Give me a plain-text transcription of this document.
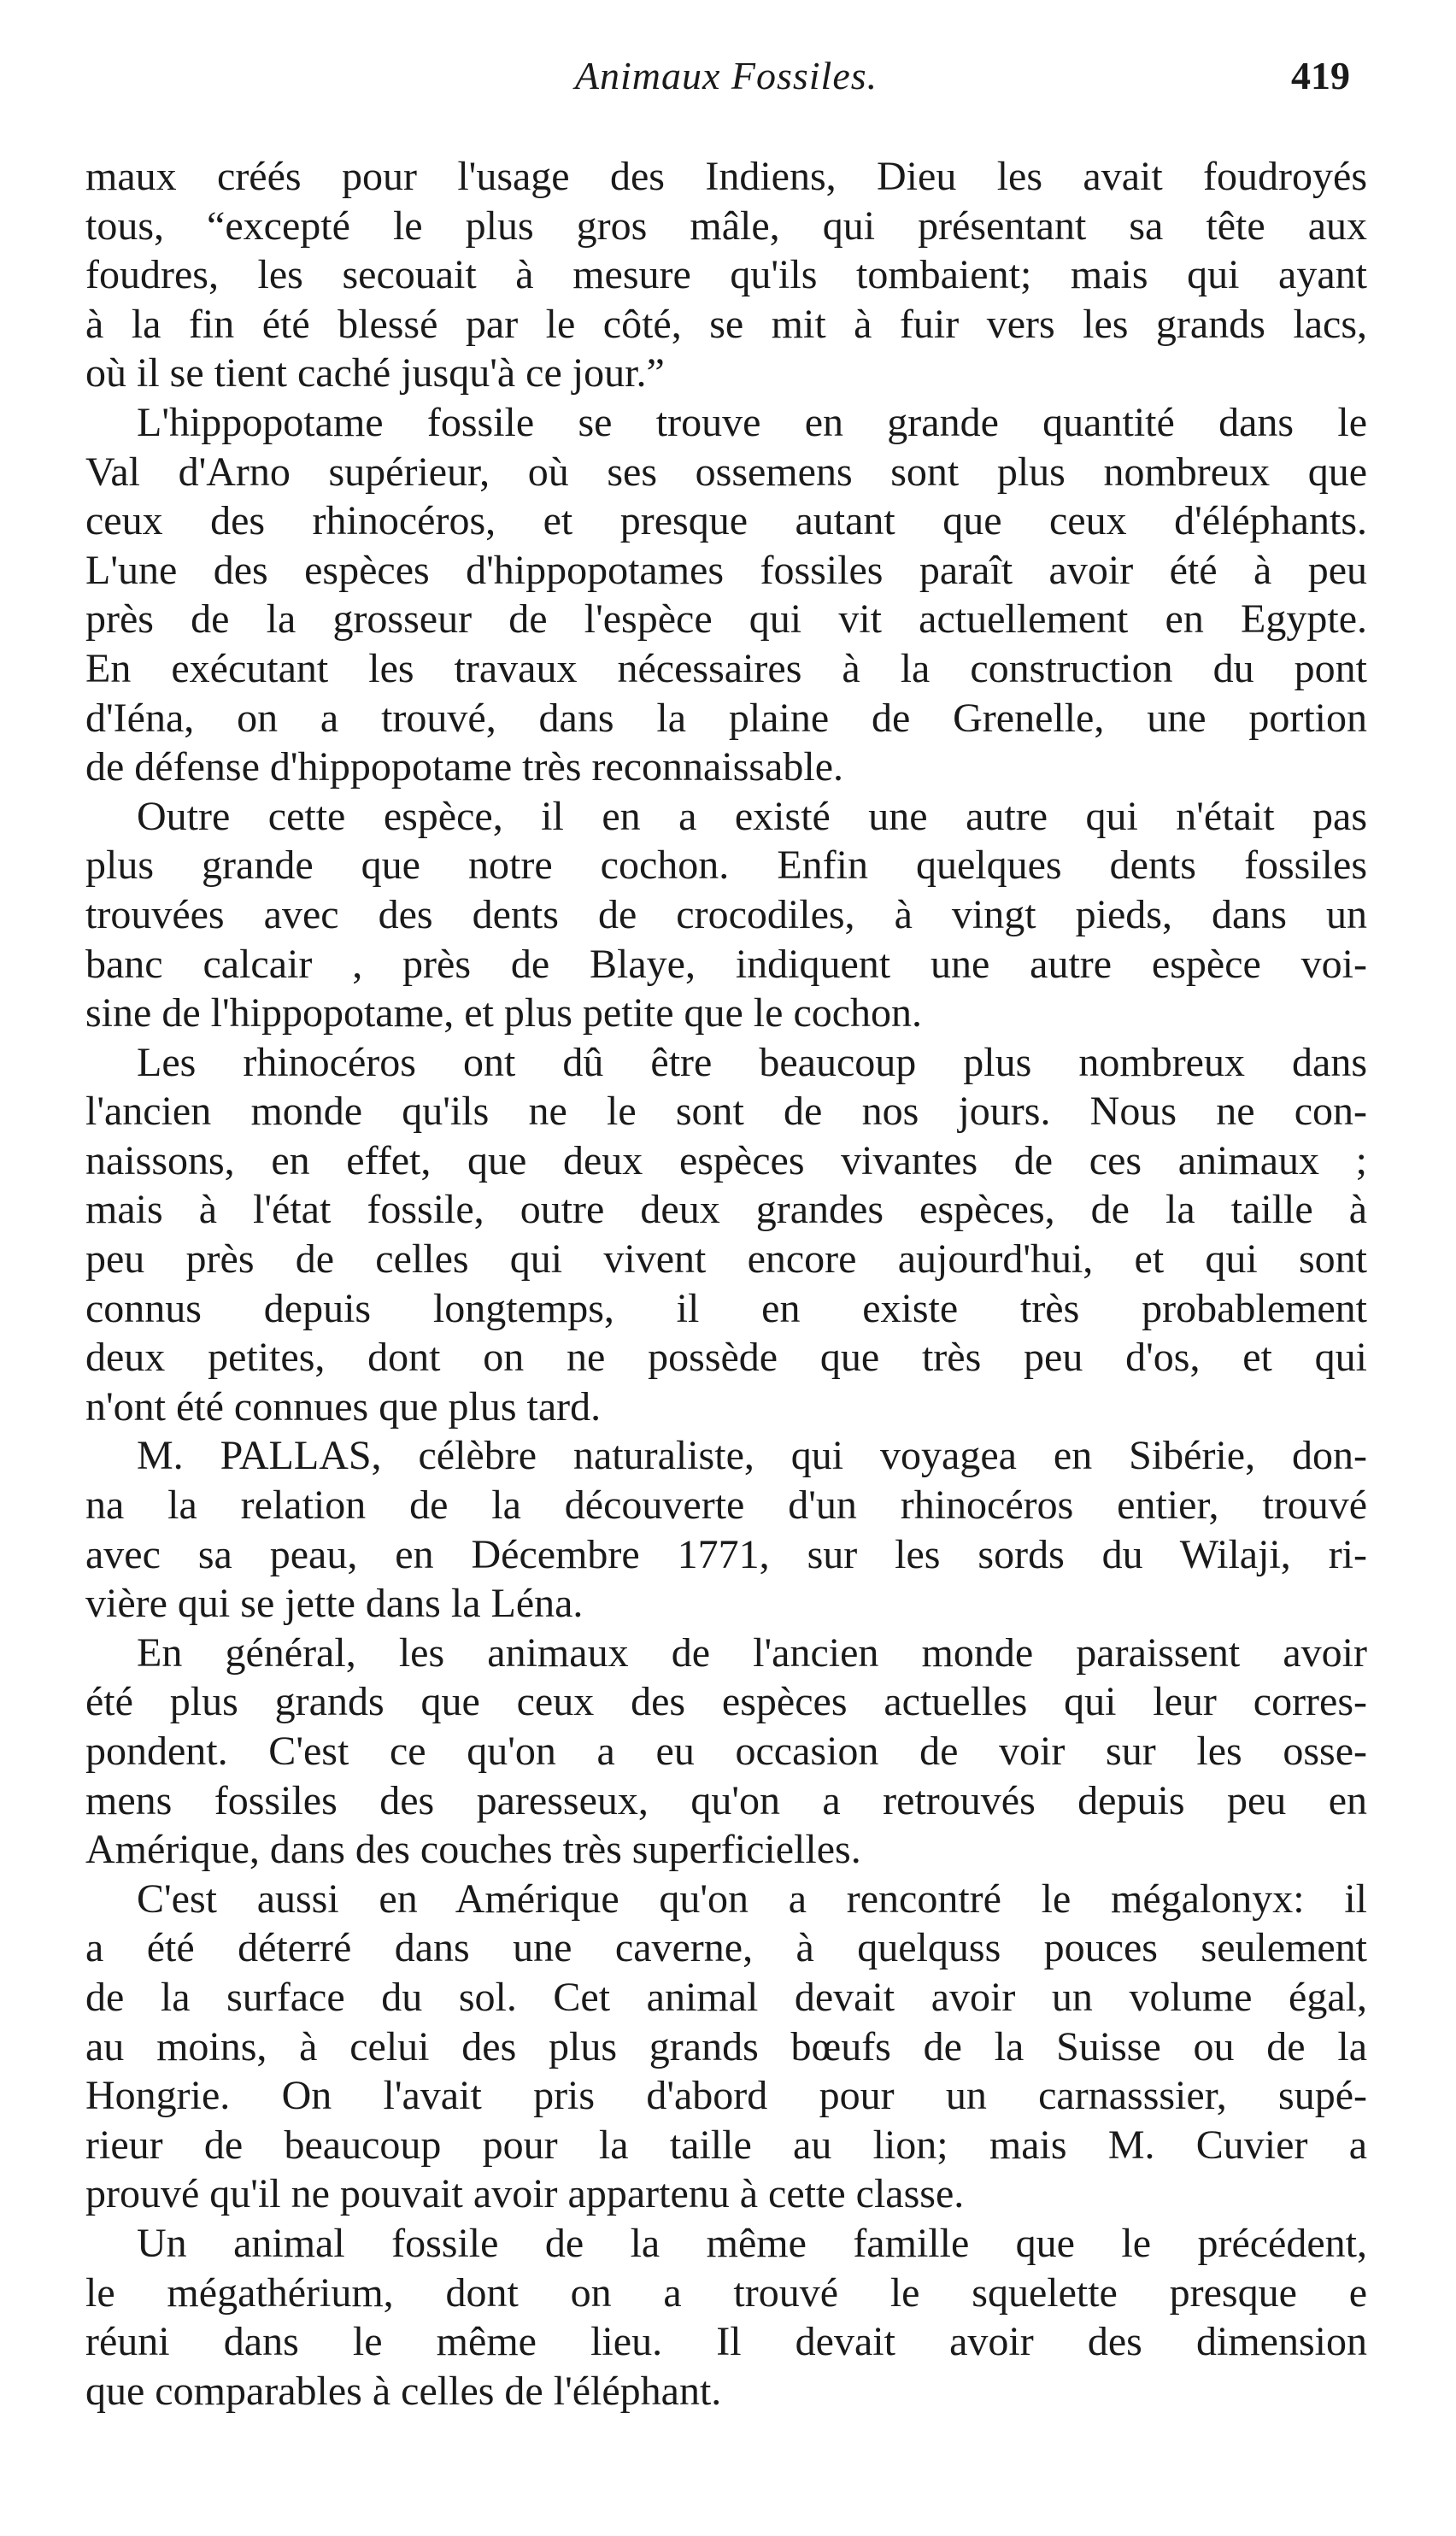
Animaux Fossiles.	419
maux créés pour l'usage des Indiens, Dieu les avait foudroyés
tous, “excepté le plus gros mâle, qui présentant sa tête aux
foudres, les secouait à mesure qu'ils tombaient; mais qui ayant
à la fin été blessé par le côté, se mit à fuir vers les grands lacs,
où il se tient caché jusqu'à ce jour.”
L'hippopotame fossile se trouve en grande quantité dans le
Val d'Arno supérieur, où ses ossemens sont plus nombreux que
ceux des rhinocéros, et presque autant que ceux d'éléphants.
L'une des espèces d'hippopotames fossiles paraît avoir été à peu
près de la grosseur de l'espèce qui vit actuellement en Egypte.
En exécutant les travaux nécessaires à la construction du pont
d'Iéna, on a trouvé, dans la plaine de Grenelle, une portion
de défense d'hippopotame très reconnaissable.
Outre cette espèce, il en a existé une autre qui n'était pas
plus grande que notre cochon. Enfin quelques dents fossiles
trouvées avec des dents de crocodiles, à vingt pieds, dans un
banc calcair , près de Blaye, indiquent une autre espèce voi-
sine de l'hippopotame, et plus petite que le cochon.
Les rhinocéros ont dû être beaucoup plus nombreux dans
l'ancien monde qu'ils ne le sont de nos jours. Nous ne con-
naissons, en effet, que deux espèces vivantes de ces animaux ;
mais à l'état fossile, outre deux grandes espèces, de la taille à
peu près de celles qui vivent encore aujourd'hui, et qui sont
connus depuis longtemps, il en existe très probablement
deux petites, dont on ne possède que très peu d'os, et qui
n'ont été connues que plus tard.
M. PALLAS, célèbre naturaliste, qui voyagea en Sibérie, don-
na la relation de la découverte d'un rhinocéros entier, trouvé
avec sa peau, en Décembre 1771, sur les sords du Wilaji, ri-
vière qui se jette dans la Léna.
En général, les animaux de l'ancien monde paraissent avoir
été plus grands que ceux des espèces actuelles qui leur corres-
pondent. C'est ce qu'on a eu occasion de voir sur les osse-
mens fossiles des paresseux, qu'on a retrouvés depuis peu en
Amérique, dans des couches très superficielles.
C'est aussi en Amérique qu'on a rencontré le mégalonyx: il
a été déterré dans une caverne, à quelquss pouces seulement
de la surface du sol. Cet animal devait avoir un volume égal,
au moins, à celui des plus grands bœufs de la Suisse ou de la
Hongrie. On l'avait pris d'abord pour un carnasssier, supé-
rieur de beaucoup pour la taille au lion; mais M. Cuvier a
prouvé qu'il ne pouvait avoir appartenu à cette classe.
Un animal fossile de la même famille que le précédent,
le mégathérium, dont on a trouvé le squelette presque e
réuni dans le même lieu. Il devait avoir des dimension
que comparables à celles de l'éléphant.
